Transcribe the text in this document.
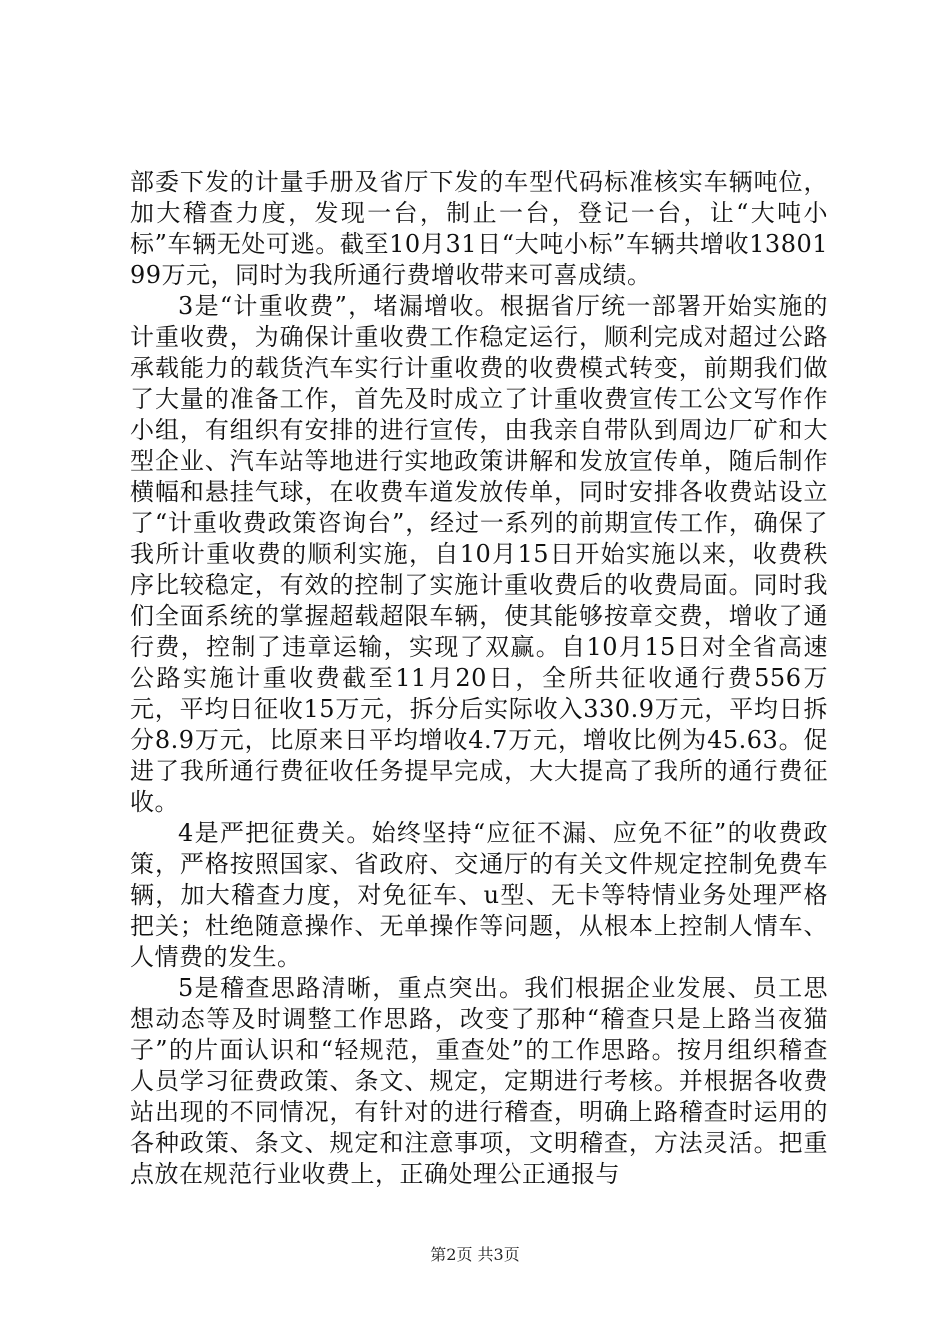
部委下发的计量手册及省厅下发的车型代码标准核实车辆吨位，加大稽查力度，发现一台，制止一台，登记一台，让“大吨小标”车辆无处可逃。截至10月31日“大吨小标”车辆共增收1380199万元，同时为我所通行费增收带来可喜成绩。

3是“计重收费”，堵漏增收。根据省厅统一部署开始实施的计重收费，为确保计重收费工作稳定运行，顺利完成对超过公路承载能力的载货汽车实行计重收费的收费模式转变，前期我们做了大量的准备工作，首先及时成立了计重收费宣传工公文写作作小组，有组织有安排的进行宣传，由我亲自带队到周边厂矿和大型企业、汽车站等地进行实地政策讲解和发放宣传单，随后制作横幅和悬挂气球，在收费车道发放传单，同时安排各收费站设立了“计重收费政策咨询台”，经过一系列的前期宣传工作，确保了我所计重收费的顺利实施，自10月15日开始实施以来，收费秩序比较稳定，有效的控制了实施计重收费后的收费局面。同时我们全面系统的掌握超载超限车辆，使其能够按章交费，增收了通行费，控制了违章运输，实现了双赢。自10月15日对全省高速公路实施计重收费截至11月20日，全所共征收通行费556万元，平均日征收15万元，拆分后实际收入330.9万元，平均日拆分8.9万元，比原来日平均增收4.7万元，增收比例为45.63。促进了我所通行费征收任务提早完成，大大提高了我所的通行费征收。

4是严把征费关。始终坚持“应征不漏、应免不征”的收费政策，严格按照国家、省政府、交通厅的有关文件规定控制免费车辆，加大稽查力度，对免征车、u型、无卡等特情业务处理严格把关；杜绝随意操作、无单操作等问题，从根本上控制人情车、人情费的发生。

5是稽查思路清晰，重点突出。我们根据企业发展、员工思想动态等及时调整工作思路，改变了那种“稽查只是上路当夜猫子”的片面认识和“轻规范，重查处”的工作思路。按月组织稽查人员学习征费政策、条文、规定，定期进行考核。并根据各收费站出现的不同情况，有针对的进行稽查，明确上路稽查时运用的各种政策、条文、规定和注意事项，文明稽查，方法灵活。把重点放在规范行业收费上，正确处理公正通报与

第2页 共3页
